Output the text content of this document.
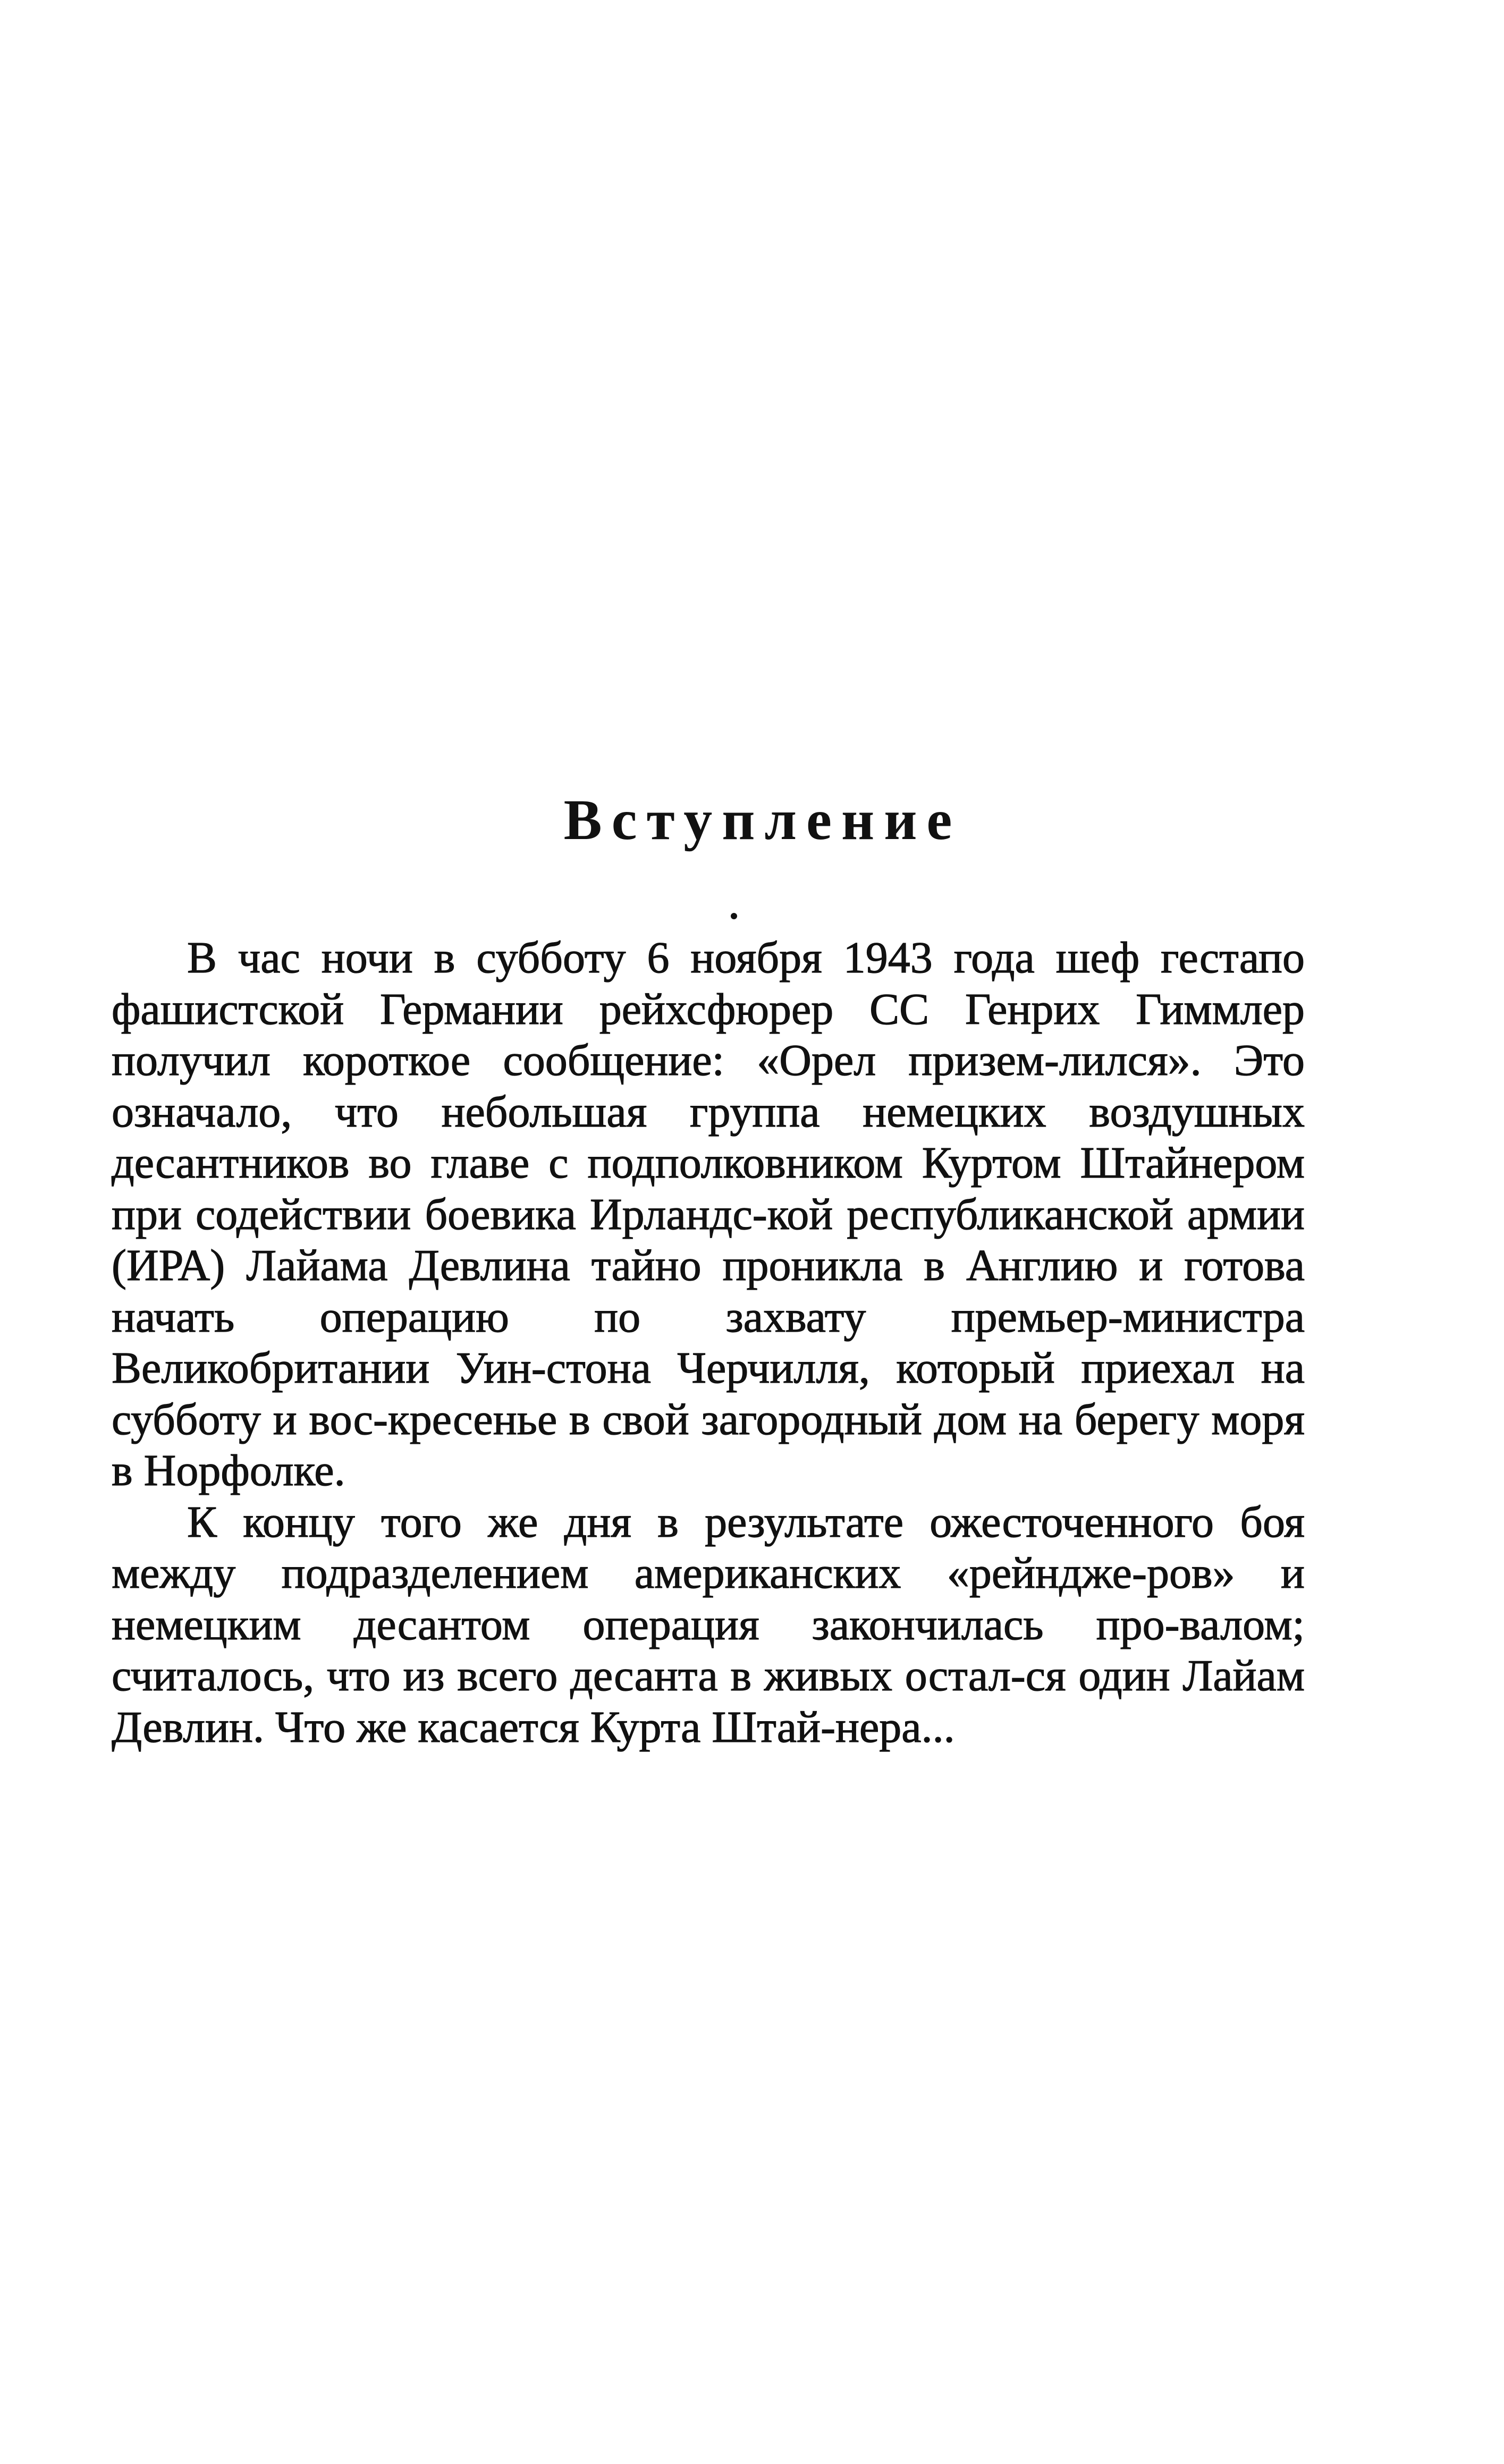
Вступление

В час ночи в субботу 6 ноября 1943 года шеф гестапо фашистской Германии рейхсфюрер СС Генрих Гиммлер получил короткое сообщение: «Орел призем-лился». Это означало, что небольшая группа немецких воздушных десантников во главе с подполковником Куртом Штайнером при содействии боевика Ирландс-кой республиканской армии (ИРА) Лайама Девлина тайно проникла в Англию и готова начать операцию по захвату премьер-министра Великобритании Уин-стона Черчилля, который приехал на субботу и вос-кресенье в свой загородный дом на берегу моря в Норфолке.

К концу того же дня в результате ожесточенного боя между подразделением американских «рейндже-ров» и немецким десантом операция закончилась про-валом; считалось, что из всего десанта в живых остал-ся один Лайам Девлин. Что же касается Курта Штай-нера...
